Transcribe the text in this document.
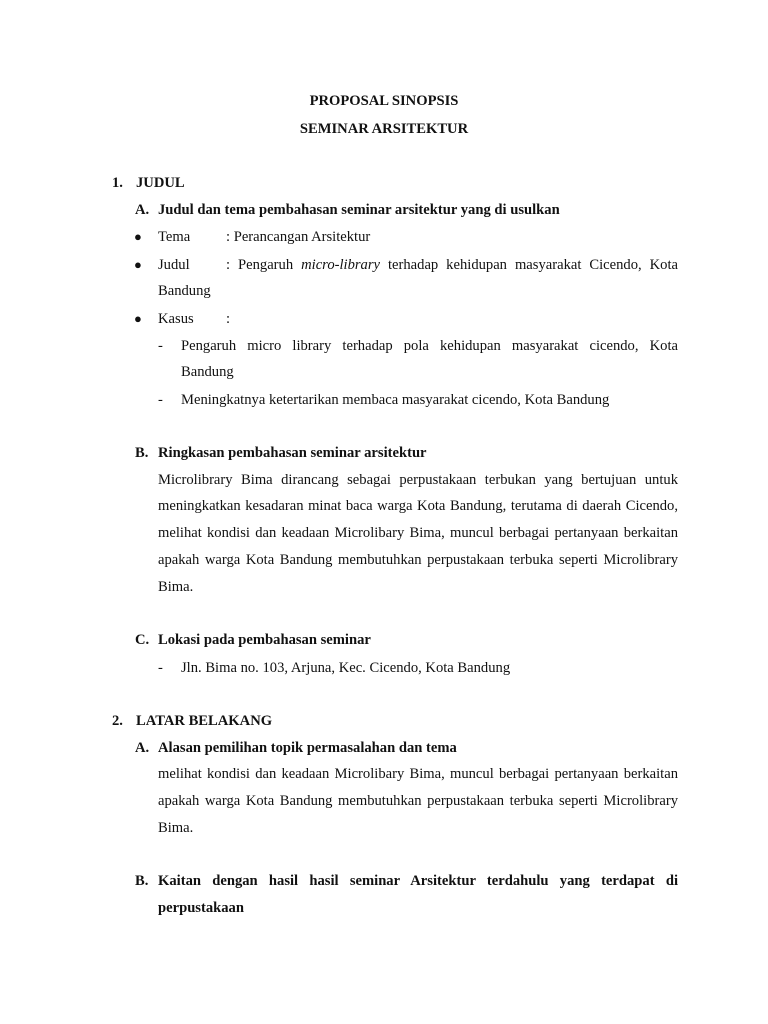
PROPOSAL SINOPSIS
SEMINAR ARSITEKTUR
1. JUDUL
A. Judul dan tema pembahasan seminar arsitektur yang di usulkan
● Tema : Perancangan Arsitektur
● Judul : Pengaruh micro-library terhadap kehidupan masyarakat Cicendo, Kota
Bandung
● Kasus :
- Pengaruh micro library terhadap pola kehidupan masyarakat cicendo, Kota
Bandung
- Meningkatnya ketertarikan membaca masyarakat cicendo, Kota Bandung
B. Ringkasan pembahasan seminar arsitektur
Microlibrary Bima dirancang sebagai perpustakaan terbukan yang bertujuan untuk
meningkatkan kesadaran minat baca warga Kota Bandung, terutama di daerah Cicendo,
melihat kondisi dan keadaan Microlibary Bima, muncul berbagai pertanyaan berkaitan
apakah warga Kota Bandung membutuhkan perpustakaan terbuka seperti Microlibrary
Bima.
C. Lokasi pada pembahasan seminar
- Jln. Bima no. 103, Arjuna, Kec. Cicendo, Kota Bandung
2. LATAR BELAKANG
A. Alasan pemilihan topik permasalahan dan tema
melihat kondisi dan keadaan Microlibary Bima, muncul berbagai pertanyaan berkaitan
apakah warga Kota Bandung membutuhkan perpustakaan terbuka seperti Microlibrary
Bima.
B. Kaitan dengan hasil hasil seminar Arsitektur terdahulu yang terdapat di
perpustakaan
